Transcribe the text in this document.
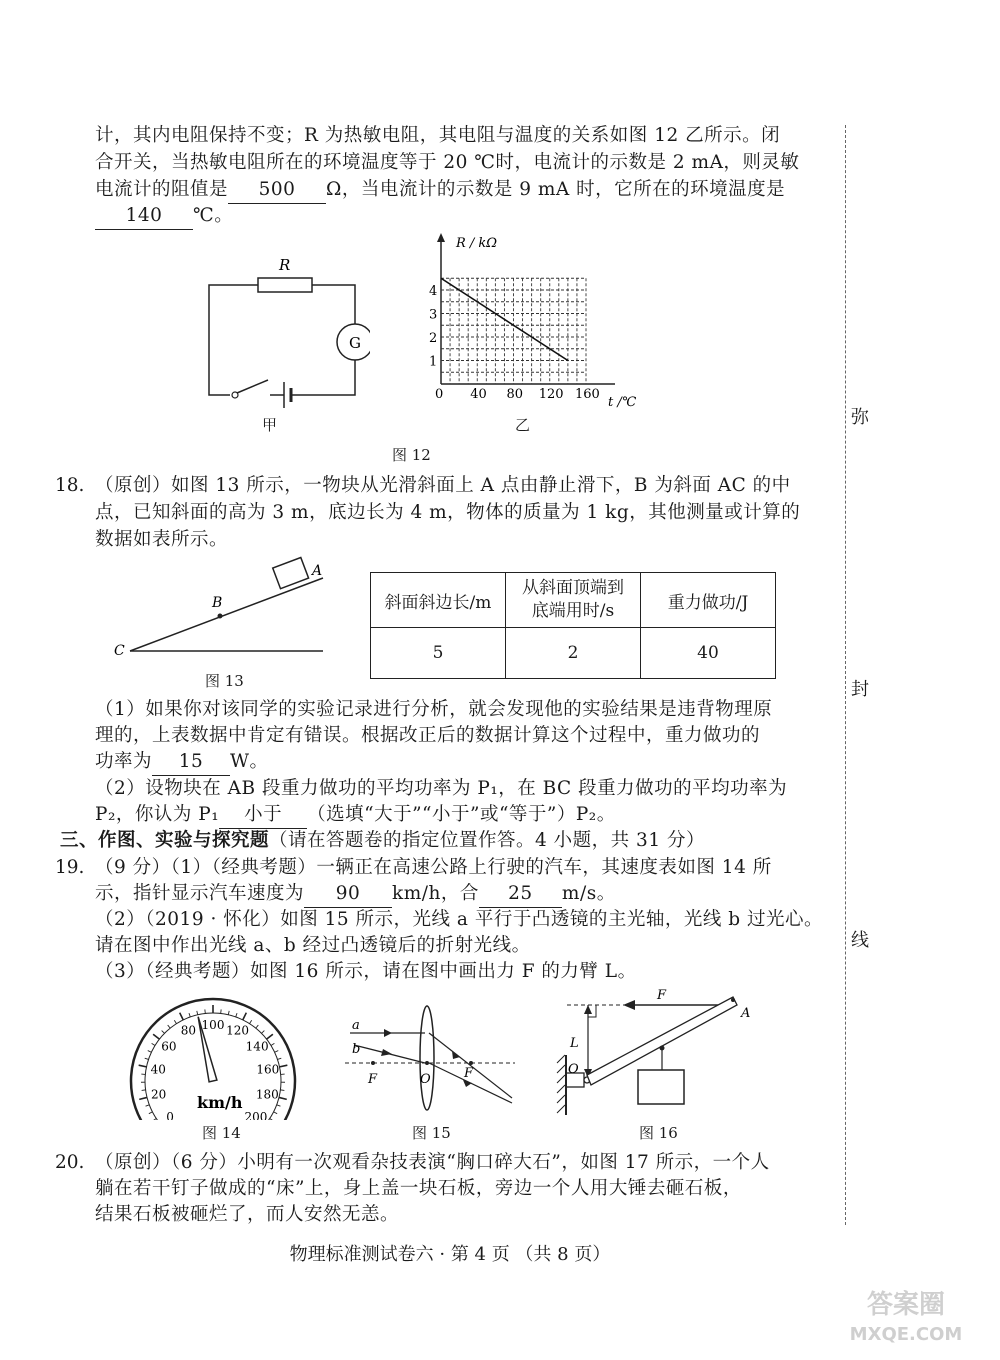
弥
封
线
计，其内电阻保持不变；R 为热敏电阻，其电阻与温度的关系如图 12 乙所示。闭
合开关，当热敏电阻所在的环境温度等于 20 ℃时，电流计的示数是 2 mA，则灵敏
电流计的阻值是 500 Ω，当电流计的示数是 9 mA 时，它所在的环境温度是
140 ℃。
R
G
甲
R / kΩ
t /℃
0 40 80 120 160
1
2
3
4
乙
图 12
18. （原创）如图 13 所示，一物块从光滑斜面上 A 点由静止滑下，B 为斜面 AC 的中
点，已知斜面的高为 3 m，底边长为 4 m，物体的质量为 1 kg，其他测量或计算的
数据如表所示。
B
A
C
图 13
斜面斜边长/m	从斜面顶端到
底端用时/s	重力做功/J
5	2	40
（1）如果你对该同学的实验记录进行分析，就会发现他的实验结果是违背物理原
理的，上表数据中肯定有错误。根据改正后的数据计算这个过程中，重力做功的
功率为 15 W。
（2）设物块在 AB 段重力做功的平均功率为 P₁，在 BC 段重力做功的平均功率为
P₂，你认为 P₁ 小于 （选填“大于”“小于”或“等于”）P₂。
三、作图、实验与探究题（请在答题卷的指定位置作答。4 小题，共 31 分）
19. （9 分）（1）（经典考题）一辆正在高速公路上行驶的汽车，其速度表如图 14 所
示，指针显示汽车速度为 90 km/h，合 25 m/s。
（2）（2019 · 怀化）如图 15 所示，光线 a 平行于凸透镜的主光轴，光线 b 过光心。
请在图中作出光线 a、b 经过凸透镜后的折射光线。
（3）（经典考题）如图 16 所示，请在图中画出力 F 的力臂 L。
0
20
40
60
80 100 120
140
160
180
200
km/h
图 14
a
b
F	O	F
图 15
F
L
O
A
图 16
20. （原创）（6 分）小明有一次观看杂技表演“胸口碎大石”，如图 17 所示，一个人
躺在若干钉子做成的“床”上，身上盖一块石板，旁边一个人用大锤去砸石板，
结果石板被砸烂了，而人安然无恙。
物理标准测试卷六 · 第 4 页 （共 8 页）
答案圈
MXQE.COM
